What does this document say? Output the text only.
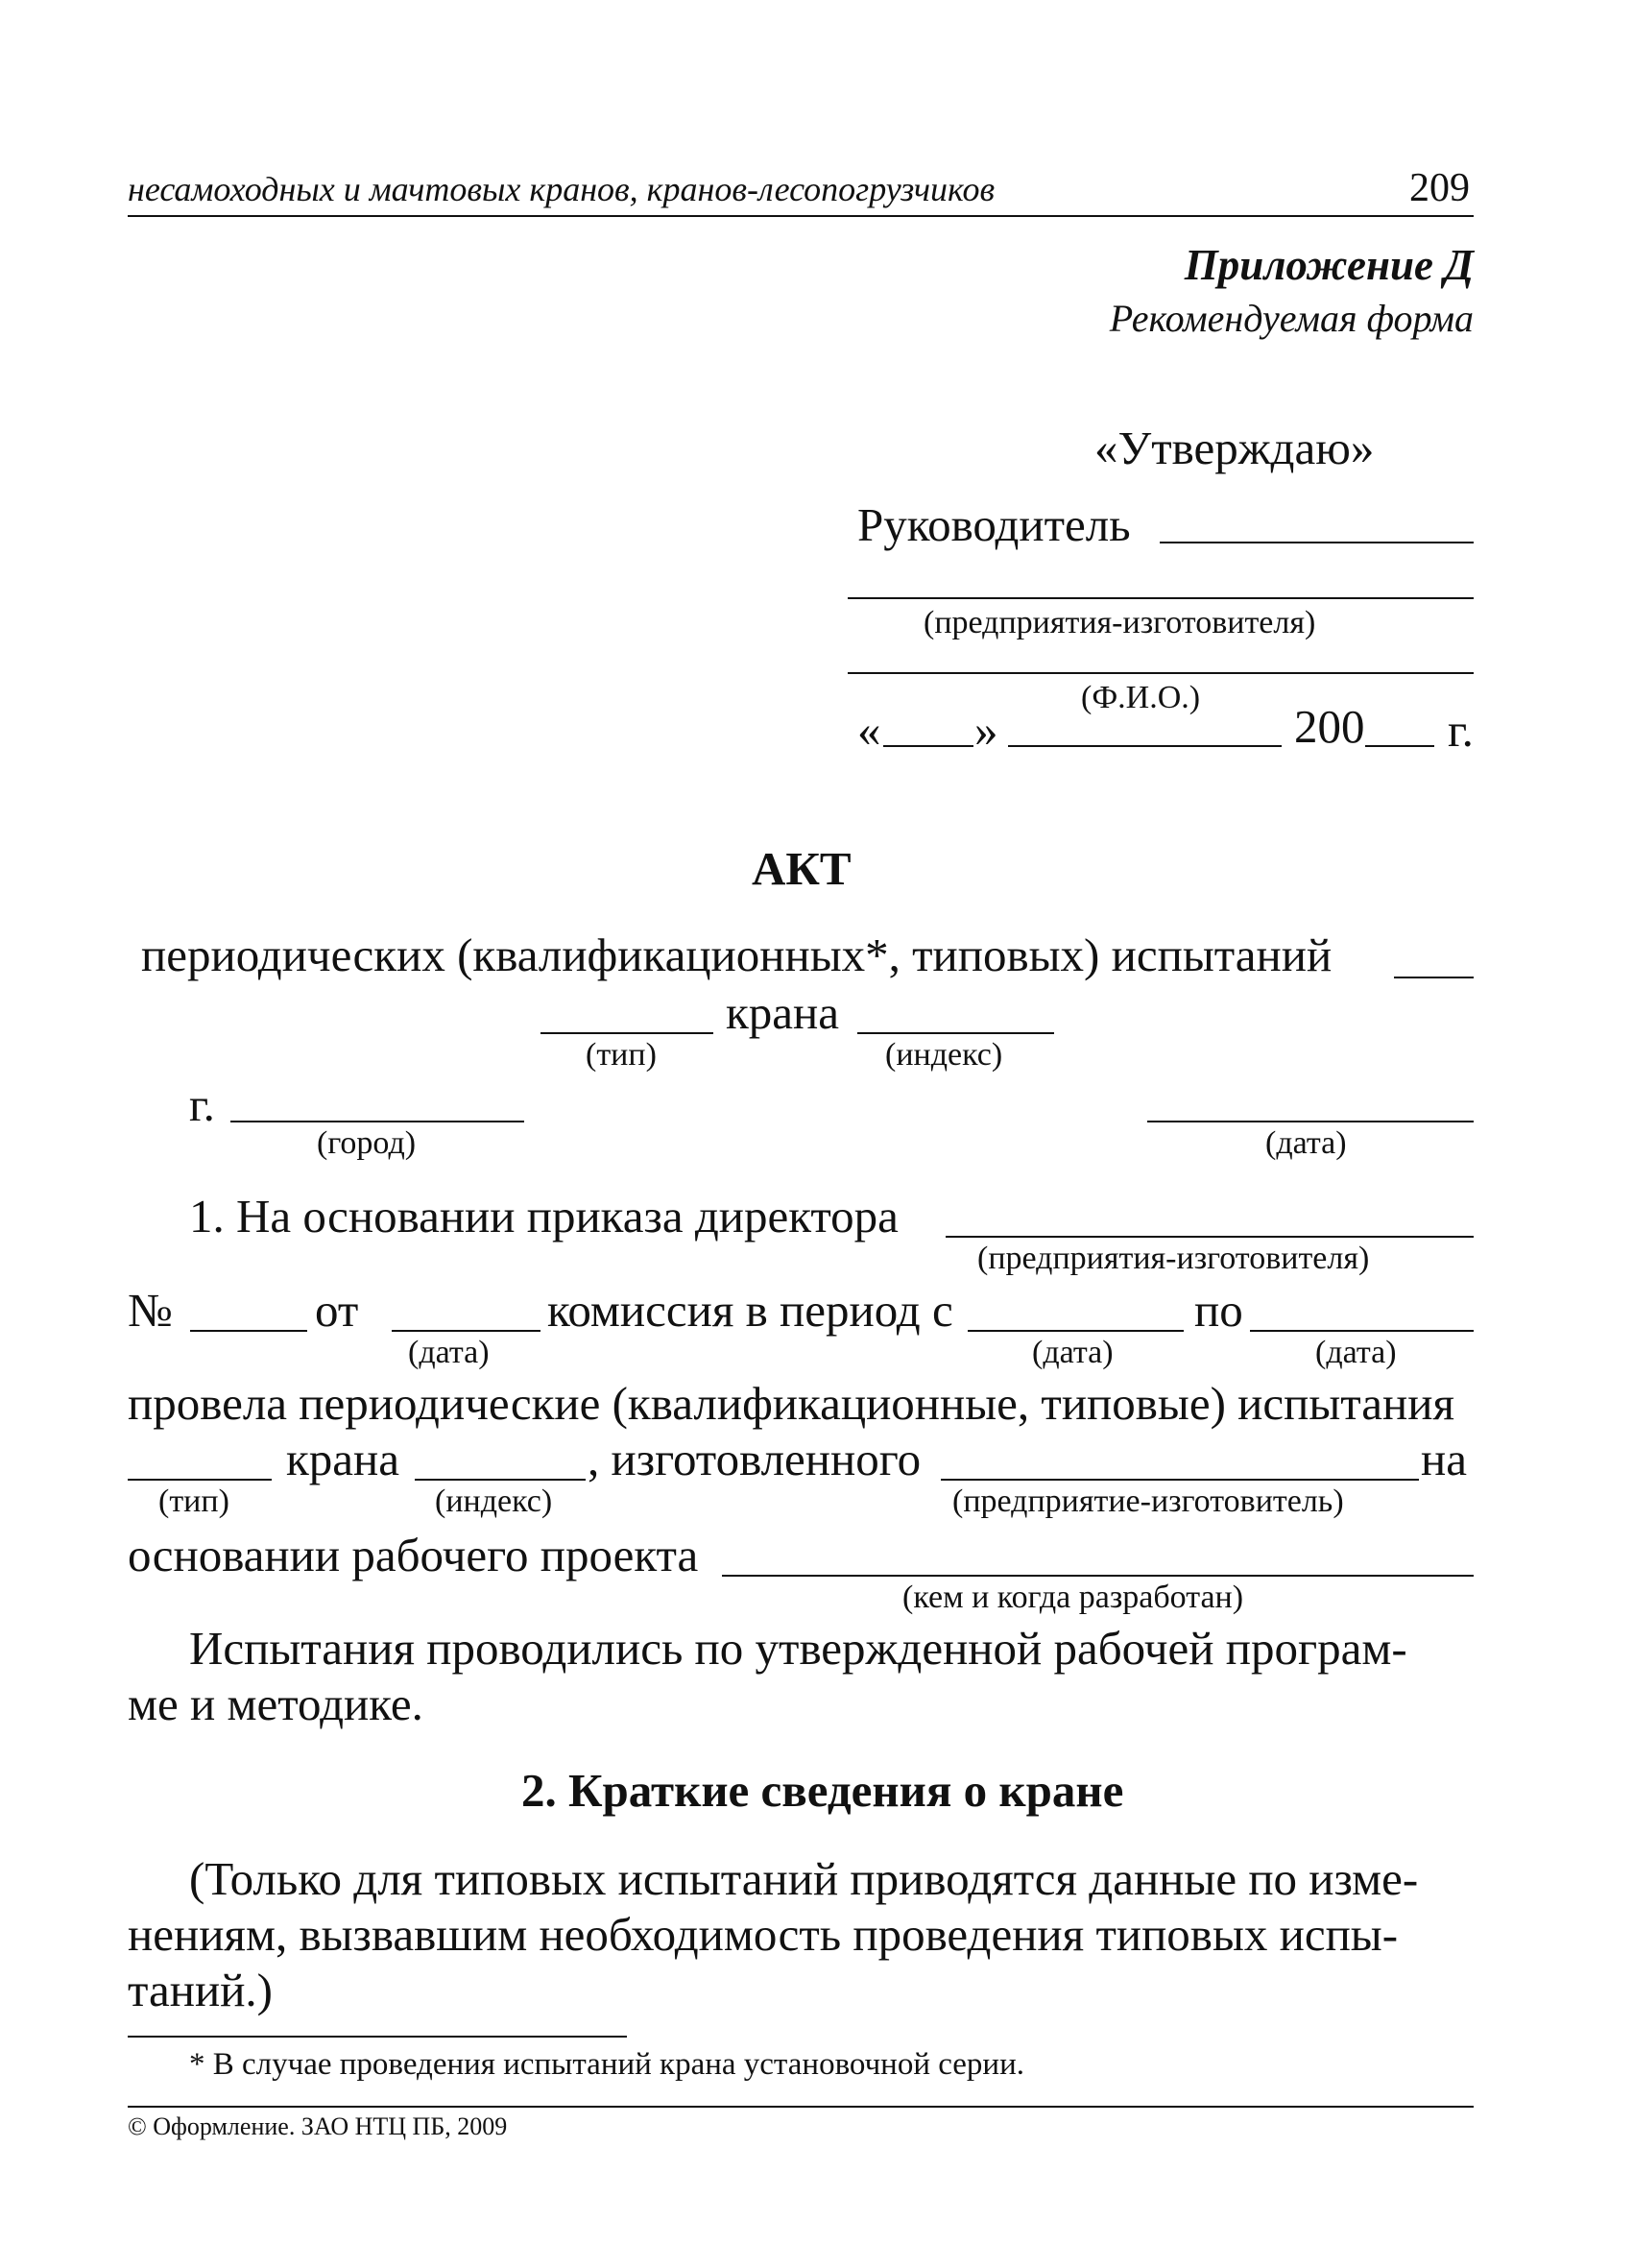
несамоходных и мачтовых кранов, кранов-лесопогрузчиков	209
Приложение Д
Рекомендуемая форма
«Утверждаю»
Руководитель
(предприятия-изготовителя)
(Ф.И.О.)
« »	200 г.
АКТ
периодических (квалификационных*, типовых) испытаний
крана
(тип)	(индекс)
г.
(город)	(дата)
1. На основании приказа директора
(предприятия-изготовителя)
№	от	комиссия в период с	по
(дата)	(дата)	(дата)
провела периодические (квалификационные, типовые) испытания
крана	, изготовленного	на
(тип)	(индекс)	(предприятие-изготовитель)
основании рабочего проекта
(кем и когда разработан)
Испытания проводились по утвержденной рабочей програм-
ме и методике.
2. Краткие сведения о кране
(Только для типовых испытаний приводятся данные по изме-
нениям, вызвавшим необходимость проведения типовых испы-
таний.)
* В случае проведения испытаний крана установочной серии.
© Оформление. ЗАО НТЦ ПБ, 2009
